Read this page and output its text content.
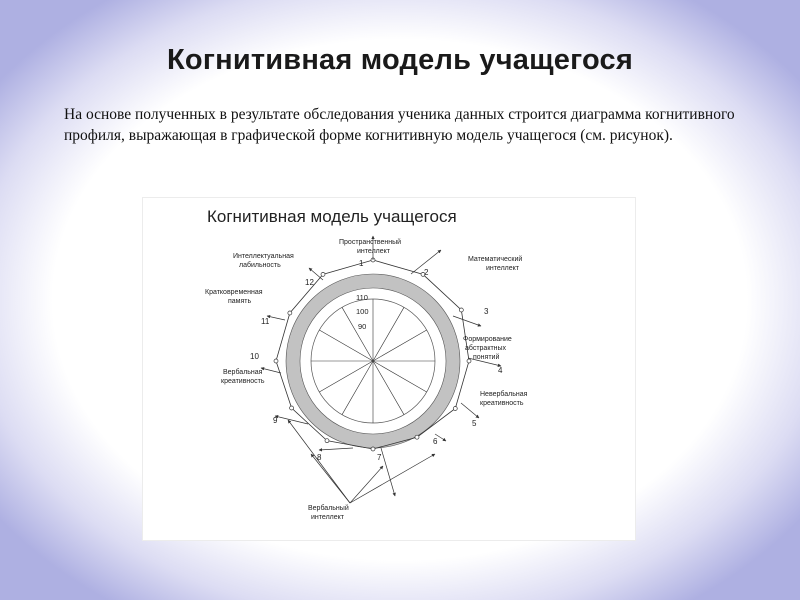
Когнитивная модель учащегося
На основе полученных в результате обследования ученика данных строится диаграмма когнитивного профиля, выражающая в графической форме когнитивную модель учащегося (см. рисунок).
Когнитивная модель учащегося
110
100
90
1
2
3
4
5
6
7
8
9
10
11
12
Пространственный
интеллект
Математический
интеллект
Формирование
абстрактных
понятий
Невербальная
креативность
Вербальный
интеллект
Вербальная
креативность
Кратковременная
память
Интеллектуальная
лабильность
